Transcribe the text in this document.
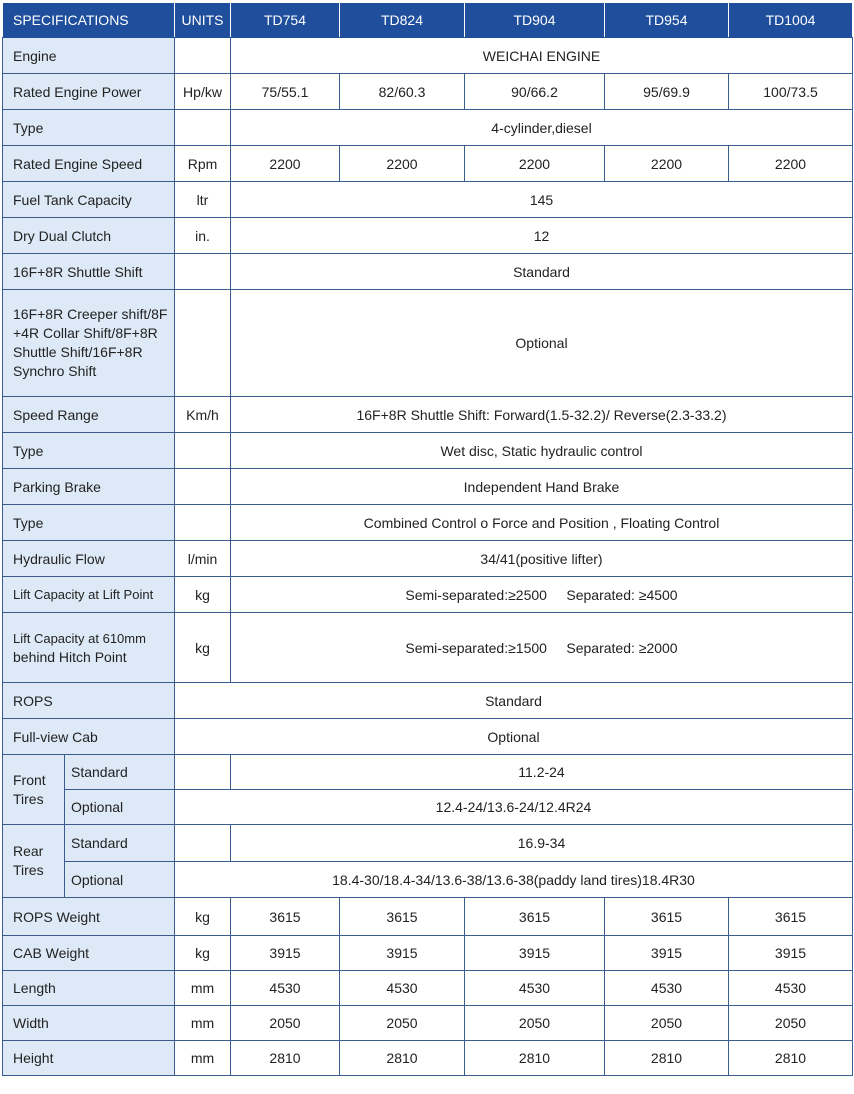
SPECIFICATIONS		UNITS	TD754	TD824	TD904	TD954	TD1004
Engine			WEICHAI ENGINE				
Rated Engine Power		Hp/kw	75/55.1	82/60.3	90/66.2	95/69.9	100/73.5
Type			4-cylinder,diesel				
Rated Engine Speed		Rpm	2200	2200	2200	2200	2200
Fuel Tank Capacity		ltr	145				
Dry Dual Clutch		in.	12				
16F+8R Shuttle Shift			Standard				

16F+8R Creeper shift/8F
+4R Collar Shift/8F+8R
Shuttle Shift/16F+8R
Synchro Shift			Optional				
Speed Range		Km/h	16F+8R Shuttle Shift: Forward(1.5-32.2)/ Reverse(2.3-33.2)				
Type			Wet disc, Static hydraulic control				
Parking Brake			Independent Hand Brake				
Type			Combined Control o Force and Position , Floating Control				
Hydraulic Flow		l/min	34/41(positive lifter)				
Lift Capacity at Lift Point		kg	Semi-separated:≥2500     Separated: ≥4500				

Lift Capacity at 610mm
behind Hitch Point		kg	Semi-separated:≥1500     Separated: ≥2000				
ROPS		Standard					
Full-view Cab		Optional					

Front
Tires	Standard		11.2-24				
	Optional	12.4-24/13.6-24/12.4R24					

Rear
Tires	Standard		16.9-34				
	Optional	18.4-30/18.4-34/13.6-38/13.6-38(paddy land tires)18.4R30					
ROPS Weight		kg	3615	3615	3615	3615	3615
CAB Weight		kg	3915	3915	3915	3915	3915
Length		mm	4530	4530	4530	4530	4530
Width		mm	2050	2050	2050	2050	2050
Height		mm	2810	2810	2810	2810	2810
